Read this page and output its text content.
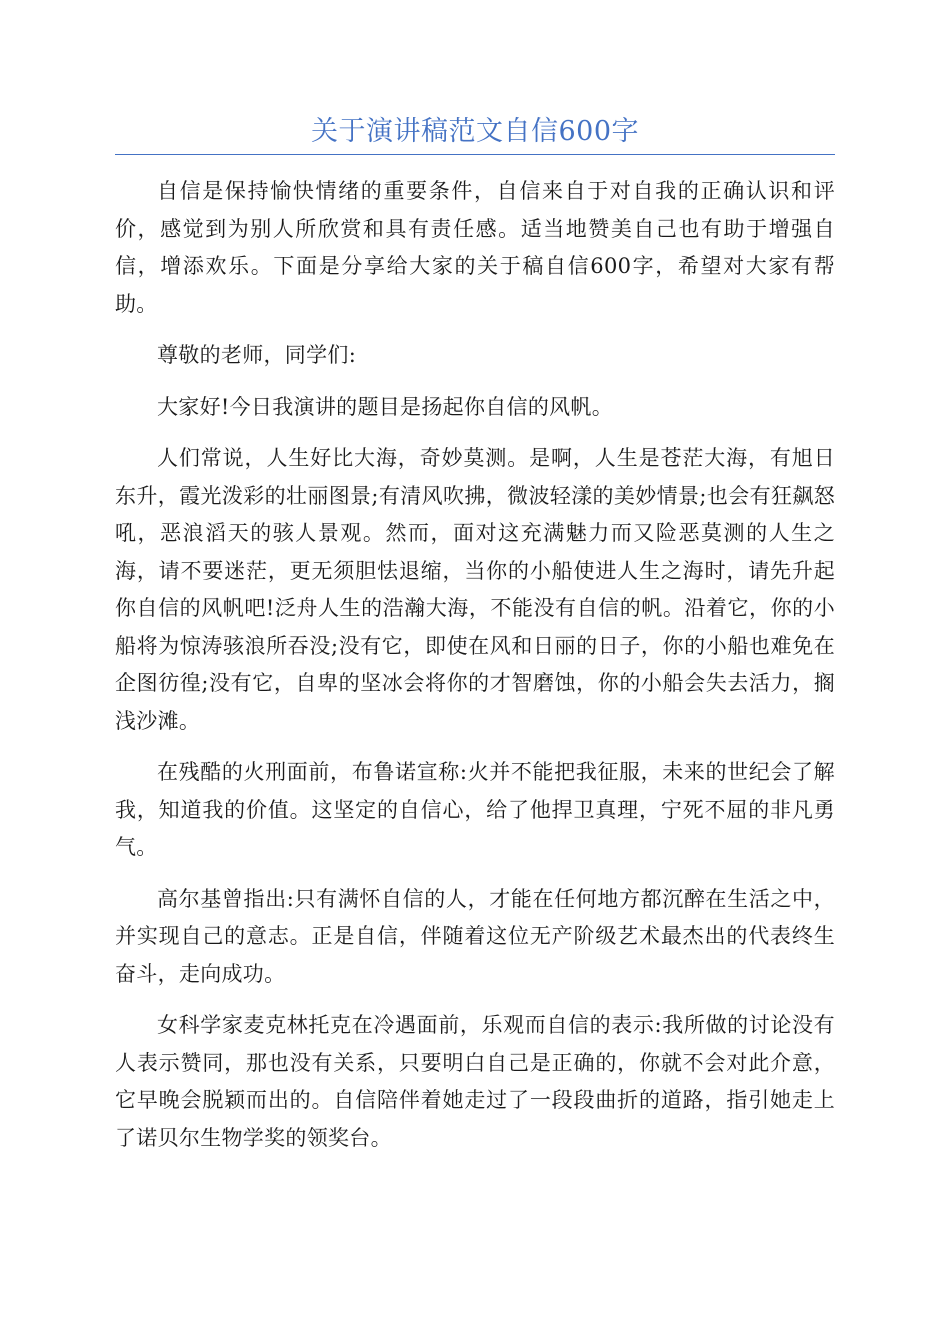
关于演讲稿范文自信600字

自信是保持愉快情绪的重要条件，自信来自于对自我的正确认识和评价，感觉到为别人所欣赏和具有责任感。适当地赞美自己也有助于增强自信，增添欢乐。下面是分享给大家的关于稿自信600字，希望对大家有帮助。

尊敬的老师，同学们:

大家好!今日我演讲的题目是扬起你自信的风帆。

人们常说，人生好比大海，奇妙莫测。是啊，人生是苍茫大海，有旭日东升，霞光泼彩的壮丽图景;有清风吹拂，微波轻漾的美妙情景;也会有狂飙怒吼，恶浪滔天的骇人景观。然而，面对这充满魅力而又险恶莫测的人生之海，请不要迷茫，更无须胆怯退缩，当你的小船使进人生之海时，请先升起你自信的风帆吧!泛舟人生的浩瀚大海，不能没有自信的帆。沿着它，你的小船将为惊涛骇浪所吞没;没有它，即使在风和日丽的日子，你的小船也难免在企图彷徨;没有它，自卑的坚冰会将你的才智磨蚀，你的小船会失去活力，搁浅沙滩。

在残酷的火刑面前，布鲁诺宣称:火并不能把我征服，未来的世纪会了解我，知道我的价值。这坚定的自信心，给了他捍卫真理，宁死不屈的非凡勇气。

高尔基曾指出:只有满怀自信的人，才能在任何地方都沉醉在生活之中，并实现自己的意志。正是自信，伴随着这位无产阶级艺术最杰出的代表终生奋斗，走向成功。

女科学家麦克林托克在冷遇面前，乐观而自信的表示:我所做的讨论没有人表示赞同，那也没有关系，只要明白自己是正确的，你就不会对此介意，它早晚会脱颖而出的。自信陪伴着她走过了一段段曲折的道路，指引她走上了诺贝尔生物学奖的领奖台。
